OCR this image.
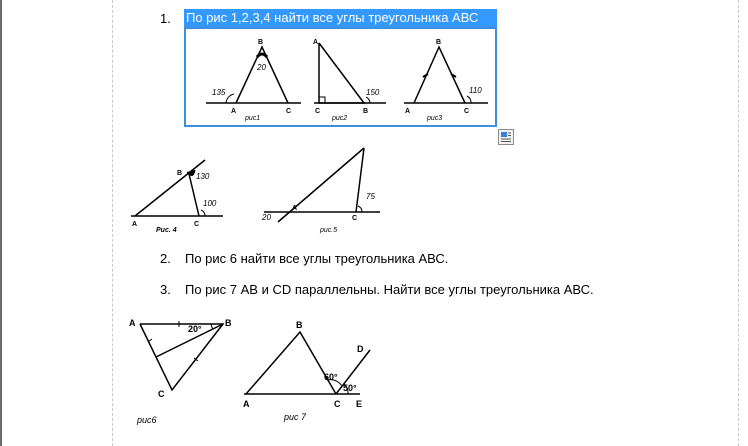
1. По рис 1,2,3,4 найти все углы треугольника АВС
B
20
135
A	C
рис1
A
150
C	B
рис2
B
110
A	C
рис3
B 130
100
A	C
Рис. 4
20
A
C
75
рис.5
2. По рис 6 найти все углы треугольника АВС.
3. По рис 7 АВ и CD параллельны. Найти все углы треугольника АВС.
A	B
20°
C
рис6
B
D
60°
50°
A	C E
рис 7
